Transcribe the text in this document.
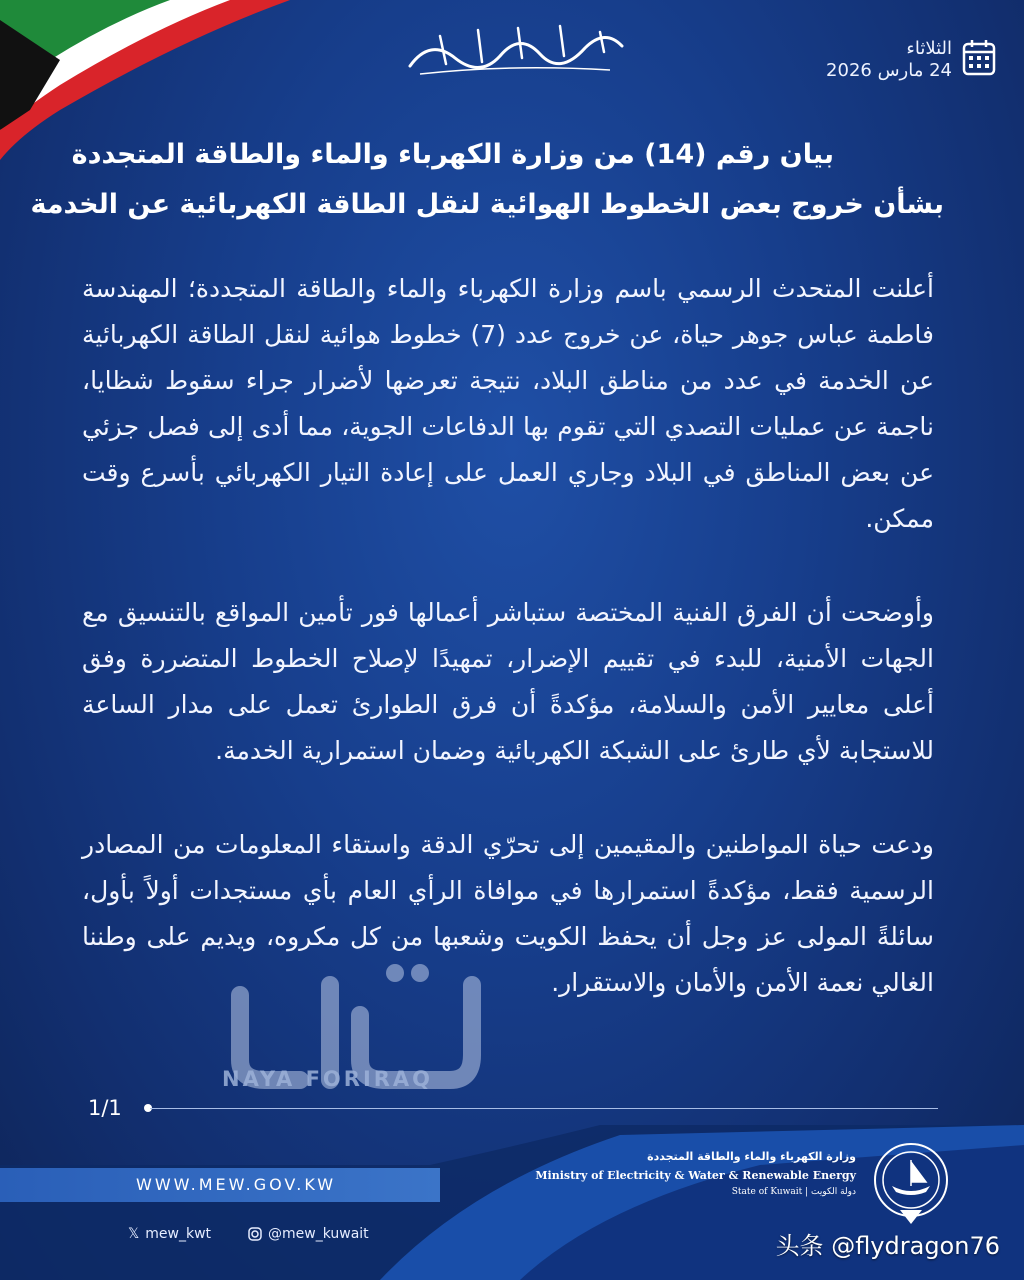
الثلاثاء
24 مارس 2026
بيان رقم (14) من وزارة الكهرباء والماء والطاقة المتجددة
بشأن خروج بعض الخطوط الهوائية لنقل الطاقة الكهربائية عن الخدمة
أعلنت المتحدث الرسمي باسم وزارة الكهرباء والماء والطاقة المتجددة؛ المهندسة فاطمة عباس جوهر حياة، عن خروج عدد (7) خطوط هوائية لنقل الطاقة الكهربائية عن الخدمة في عدد من مناطق البلاد، نتيجة تعرضها لأضرار جراء سقوط شظايا، ناجمة عن عمليات التصدي التي تقوم بها الدفاعات الجوية، مما أدى إلى فصل جزئي عن بعض المناطق في البلاد وجاري العمل على إعادة التيار الكهربائي بأسرع وقت ممكن.
وأوضحت أن الفرق الفنية المختصة ستباشر أعمالها فور تأمين المواقع بالتنسيق مع الجهات الأمنية، للبدء في تقييم الإضرار، تمهيدًا لإصلاح الخطوط المتضررة وفق أعلى معايير الأمن والسلامة، مؤكدةً أن فرق الطوارئ تعمل على مدار الساعة للاستجابة لأي طارئ على الشبكة الكهربائية وضمان استمرارية الخدمة.
ودعت حياة المواطنين والمقيمين إلى تحرّي الدقة واستقاء المعلومات من المصادر الرسمية فقط، مؤكدةً استمرارها في موافاة الرأي العام بأي مستجدات أولاً بأول، سائلةً المولى عز وجل أن يحفظ الكويت وشعبها من كل مكروه، ويديم على وطننا الغالي نعمة الأمن والأمان والاستقرار.
NAYA FORIRAQ
1/1
WWW.MEW.GOV.KW
وزارة الكهرباء والماء والطاقة المتجددة
Ministry of Electricity & Water & Renewable Energy
State of Kuwait | دولة الكويت
𝕏 mew_kwt	@mew_kuwait	头条 @flydragon76
